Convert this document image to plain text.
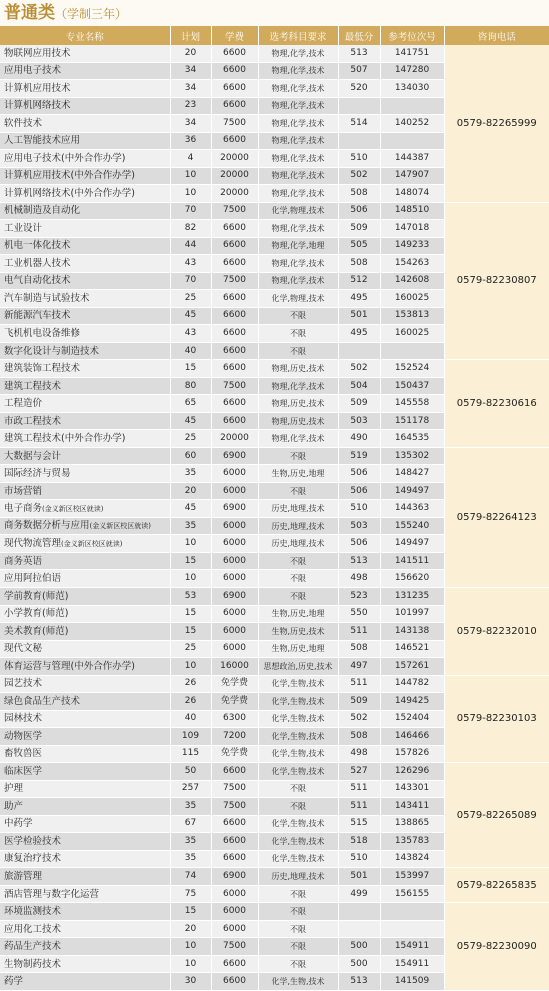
普通类（学制三年）
专业名称	计划	学费	选考科目要求	最低分	参考位次号	咨询电话
物联网应用技术	20	6600	物理,化学,技术	513	141751	0579-82265999
应用电子技术	34	6600	物理,化学,技术	507	147280	
计算机应用技术	34	6600	物理,化学,技术	520	134030	
计算机网络技术	23	6600	物理,化学,技术			
软件技术	34	7500	物理,化学,技术	514	140252	
人工智能技术应用	36	6600	物理,化学,技术			
应用电子技术(中外合作办学)	4	20000	物理,化学,技术	510	144387	
计算机应用技术(中外合作办学)	10	20000	物理,化学,技术	502	147907	
计算机网络技术(中外合作办学)	10	20000	物理,化学,技术	508	148074	
机械制造及自动化	70	7500	化学,物理,技术	506	148510	0579-82230807
工业设计	82	6600	物理,化学,技术	509	147018	
机电一体化技术	44	6600	物理,化学,地理	505	149233	
工业机器人技术	43	6600	物理,化学,技术	508	154263	
电气自动化技术	70	7500	物理,化学,技术	512	142608	
汽车制造与试验技术	25	6600	化学,物理,技术	495	160025	
新能源汽车技术	45	6600	不限	501	153813	
飞机机电设备维修	43	6600	不限	495	160025	
数字化设计与制造技术	40	6600	不限			
建筑装饰工程技术	15	6600	物理,历史,技术	502	152524	0579-82230616
建筑工程技术	80	7500	物理,化学,技术	504	150437	
工程造价	65	6600	物理,历史,技术	509	145558	
市政工程技术	45	6600	物理,历史,技术	503	151178	
建筑工程技术(中外合作办学)	25	20000	物理,化学,技术	490	164535	
大数据与会计	60	6900	不限	519	135302	0579-82264123
国际经济与贸易	35	6000	生物,历史,地理	506	148427	
市场营销	20	6000	不限	506	149497	
电子商务(金义新区校区就读)	45	6900	历史,地理,技术	510	144363	
商务数据分析与应用(金义新区校区就读)	35	6000	历史,地理,技术	503	155240	
现代物流管理(金义新区校区就读)	10	6000	历史,地理,技术	506	149497	
商务英语	15	6000	不限	513	141511	
应用阿拉伯语	10	6000	不限	498	156620	
学前教育(师范)	53	6900	不限	523	131235	0579-82232010
小学教育(师范)	15	6000	生物,历史,地理	550	101997	
美术教育(师范)	15	6000	生物,历史,技术	511	143138	
现代文秘	25	6000	生物,历史,地理	508	146521	
体育运营与管理(中外合作办学)	10	16000	思想政治,历史,技术	497	157261	
园艺技术	26	免学费	化学,生物,技术	511	144782	0579-82230103
绿色食品生产技术	26	免学费	化学,生物,技术	509	149425	
园林技术	40	6300	化学,生物,技术	502	152404	
动物医学	109	7200	化学,生物,技术	508	146466	
畜牧兽医	115	免学费	化学,生物,技术	498	157826	
临床医学	50	6600	化学,生物,技术	527	126296	0579-82265089
护理	257	7500	不限	511	143301	
助产	35	7500	不限	511	143411	
中药学	67	6600	化学,生物,技术	515	138865	
医学检验技术	35	6600	化学,生物,技术	518	135783	
康复治疗技术	35	6600	化学,生物,技术	510	143824	
旅游管理	74	6900	历史,地理,技术	501	153997	0579-82265835
酒店管理与数字化运营	75	6000	不限	499	156155	
环境监测技术	15	6000	不限			0579-82230090
应用化工技术	20	6000	不限			
药品生产技术	10	7500	不限	500	154911	
生物制药技术	10	6600	不限	500	154911	
药学	30	6600	化学,生物,技术	513	141509	
